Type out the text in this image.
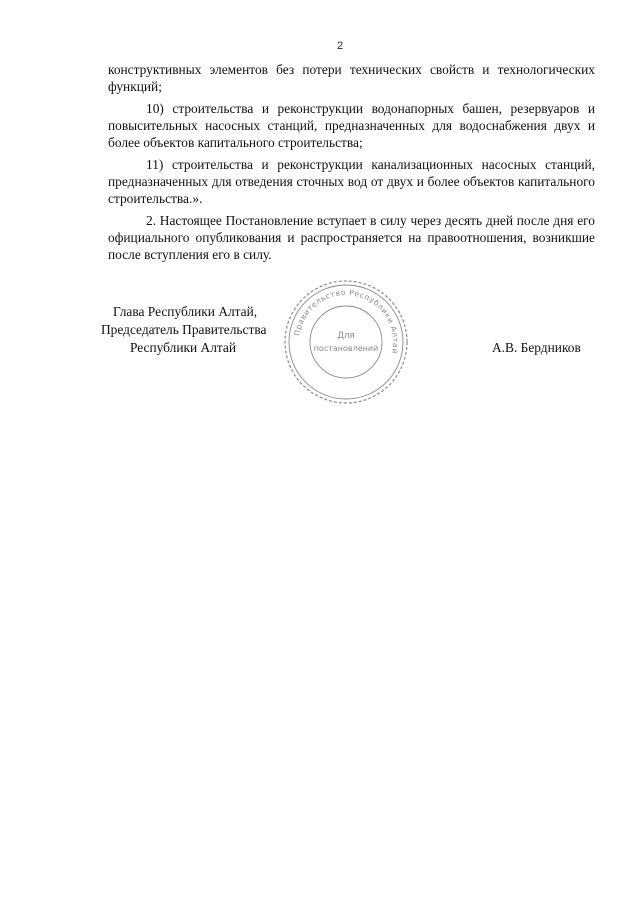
2

конструктивных элементов без потери технических свойств и технологических функций;

10) строительства и реконструкции водонапорных башен, резервуаров и повысительных насосных станций, предназначенных для водоснабжения двух и более объектов капитального строительства;

11) строительства и реконструкции канализационных насосных станций, предназначенных для отведения сточных вод от двух и более объектов капитального строительства.».

2. Настоящее Постановление вступает в силу через десять дней после дня его официального опубликования и распространяется на правоотношения, возникшие после вступления его в силу.

Глава Республики Алтай,
Председатель Правительства
Республики Алтай	А.В. Бердников
Правительство Республики Алтай
Для
постановлений
